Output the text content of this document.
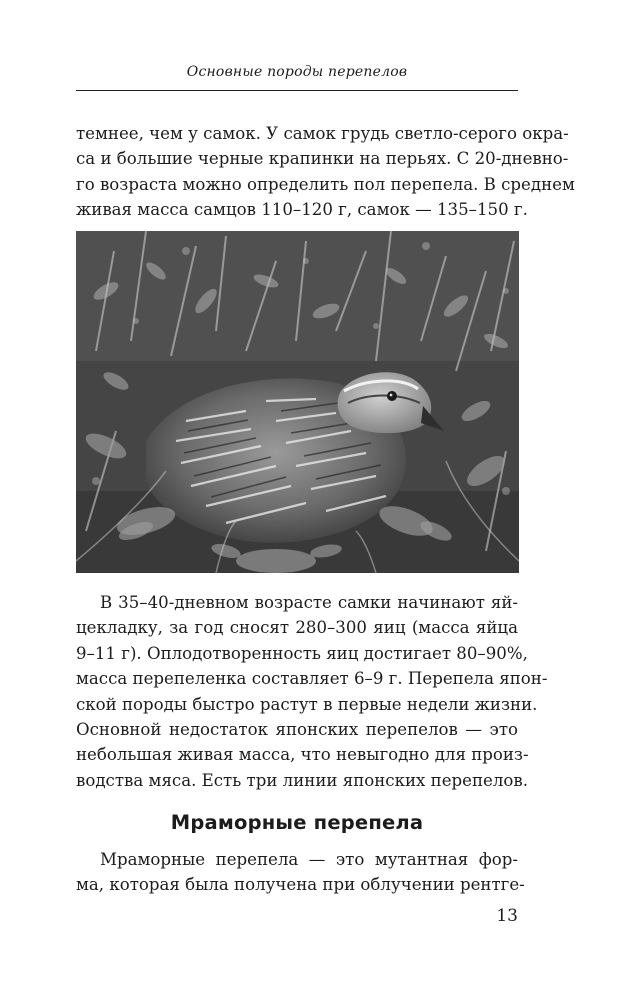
Основные породы перепелов

темнее, чем у самок. У самок грудь светло-серого окра-
са и большие черные крапинки на перьях. С 20-дневно-
го возраста можно определить пол перепела. В среднем
живая масса самцов 110–120 г, самок — 135–150 г.

В 35–40-дневном возрасте самки начинают яй-
цекладку, за год сносят 280–300 яиц (масса яйца
9–11 г). Оплодотворенность яиц достигает 80–90%,
масса перепеленка составляет 6–9 г. Перепела япон-
ской породы быстро растут в первые недели жизни.
Основной недостаток японских перепелов — это
небольшая живая масса, что невыгодно для произ-
водства мяса. Есть три линии японских перепелов.

Мраморные перепела

Мраморные перепела — это мутантная фор-
ма, которая была получена при облучении рентге-

13
